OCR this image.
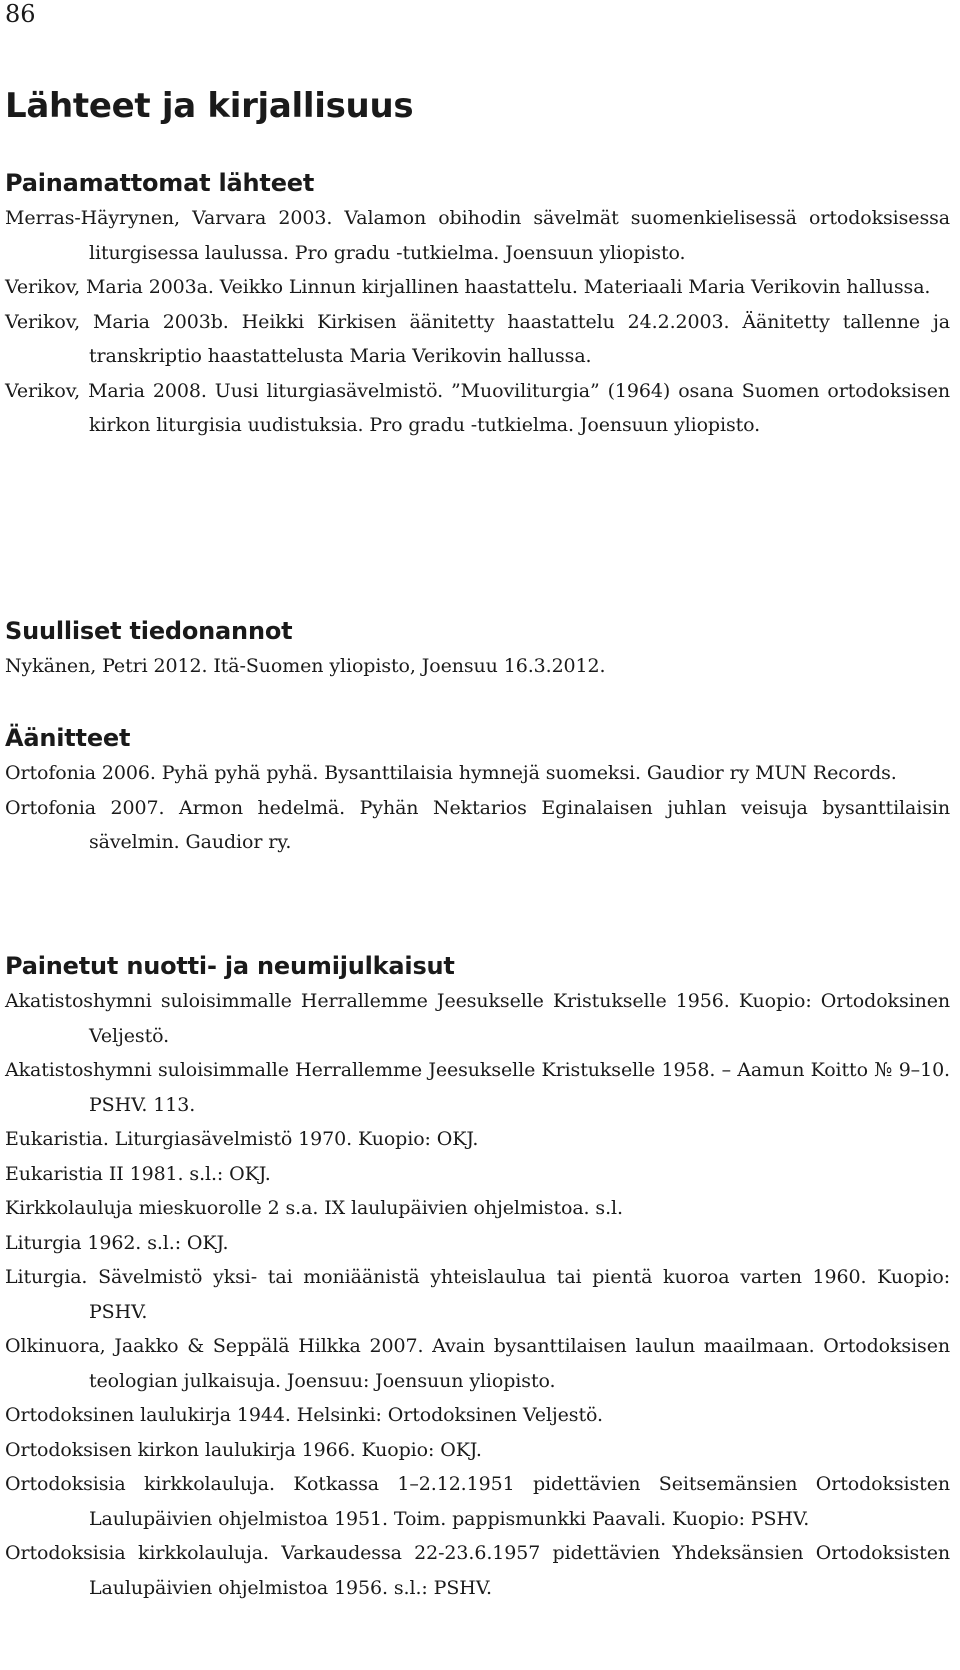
86
Lähteet ja kirjallisuus
Painamattomat lähteet
Merras-Häyrynen, Varvara 2003. Valamon obihodin sävelmät suomenkielisessä ortodoksisessa liturgisessa laulussa. Pro gradu -tutkielma. Joensuun yliopisto.
Verikov, Maria 2003a. Veikko Linnun kirjallinen haastattelu. Materiaali Maria Verikovin hallussa.
Verikov, Maria 2003b. Heikki Kirkisen äänitetty haastattelu 24.2.2003. Äänitetty tallenne ja transkriptio haastattelusta Maria Verikovin hallussa.
Verikov, Maria 2008. Uusi liturgiasävelmistö. ”Muoviliturgia” (1964) osana Suomen ortodoksisen kirkon liturgisia uudistuksia. Pro gradu -tutkielma. Joensuun yliopisto.
Suulliset tiedonannot
Nykänen, Petri 2012. Itä-Suomen yliopisto, Joensuu 16.3.2012.
Äänitteet
Ortofonia 2006. Pyhä pyhä pyhä. Bysanttilaisia hymnejä suomeksi. Gaudior ry MUN Records.
Ortofonia 2007. Armon hedelmä. Pyhän Nektarios Eginalaisen juhlan veisuja bysanttilaisin sävelmin. Gaudior ry.
Painetut nuotti- ja neumijulkaisut
Akatistoshymni suloisimmalle Herrallemme Jeesukselle Kristukselle 1956. Kuopio: Ortodoksinen Veljestö.
Akatistoshymni suloisimmalle Herrallemme Jeesukselle Kristukselle 1958. – Aamun Koitto № 9–10. PSHV. 113.
Eukaristia. Liturgiasävelmistö 1970. Kuopio: OKJ.
Eukaristia II 1981. s.l.: OKJ.
Kirkkolauluja mieskuorolle 2 s.a. IX laulupäivien ohjelmistoa. s.l.
Liturgia 1962. s.l.: OKJ.
Liturgia. Sävelmistö yksi- tai moniäänistä yhteislaulua tai pientä kuoroa varten 1960. Kuopio: PSHV.
Olkinuora, Jaakko & Seppälä Hilkka 2007. Avain bysanttilaisen laulun maailmaan. Ortodoksisen teologian julkaisuja. Joensuu: Joensuun yliopisto.
Ortodoksinen laulukirja 1944. Helsinki: Ortodoksinen Veljestö.
Ortodoksisen kirkon laulukirja 1966. Kuopio: OKJ.
Ortodoksisia kirkkolauluja. Kotkassa 1–2.12.1951 pidettävien Seitsemänsien Ortodoksisten Laulupäivien ohjelmistoa 1951. Toim. pappismunkki Paavali. Kuopio: PSHV.
Ortodoksisia kirkkolauluja. Varkaudessa 22-23.6.1957 pidettävien Yhdeksänsien Ortodoksisten Laulupäivien ohjelmistoa 1956. s.l.: PSHV.
